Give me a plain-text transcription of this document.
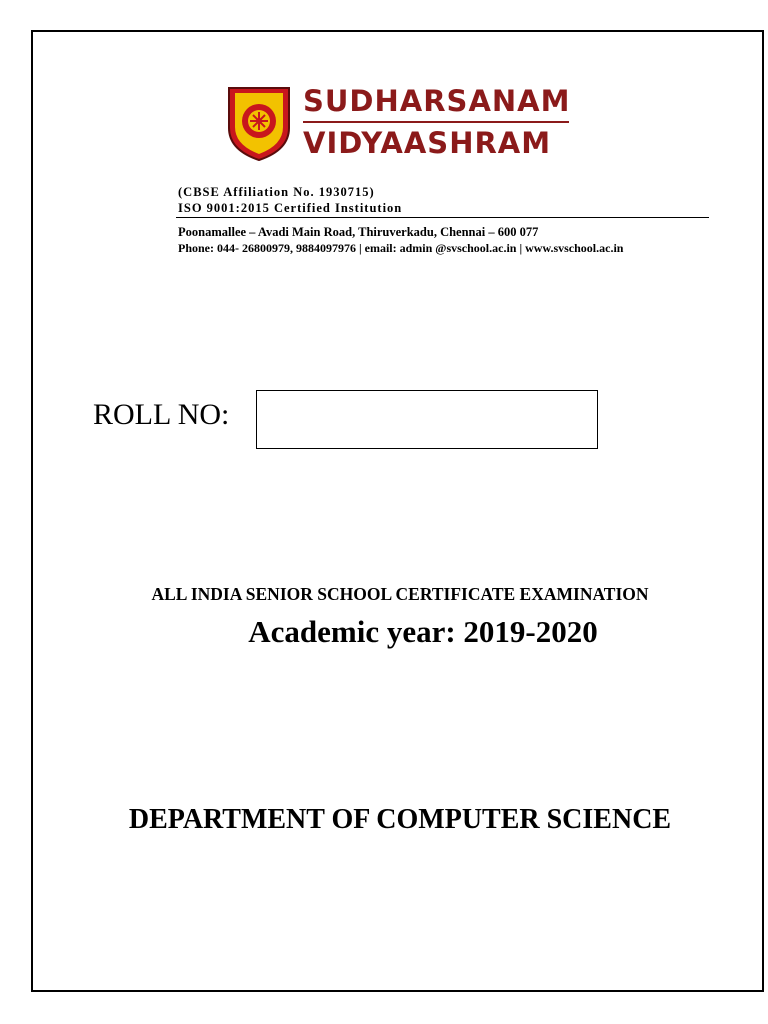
SUDHARSANAM
VIDYAASHRAM
(CBSE Affiliation No. 1930715)
ISO 9001:2015 Certified Institution
Poonamallee – Avadi Main Road, Thiruverkadu, Chennai – 600 077
Phone: 044- 26800979, 9884097976 | email: admin @svschool.ac.in | www.svschool.ac.in
ROLL NO:
ALL INDIA SENIOR SCHOOL CERTIFICATE EXAMINATION
Academic year: 2019-2020
DEPARTMENT OF COMPUTER SCIENCE
